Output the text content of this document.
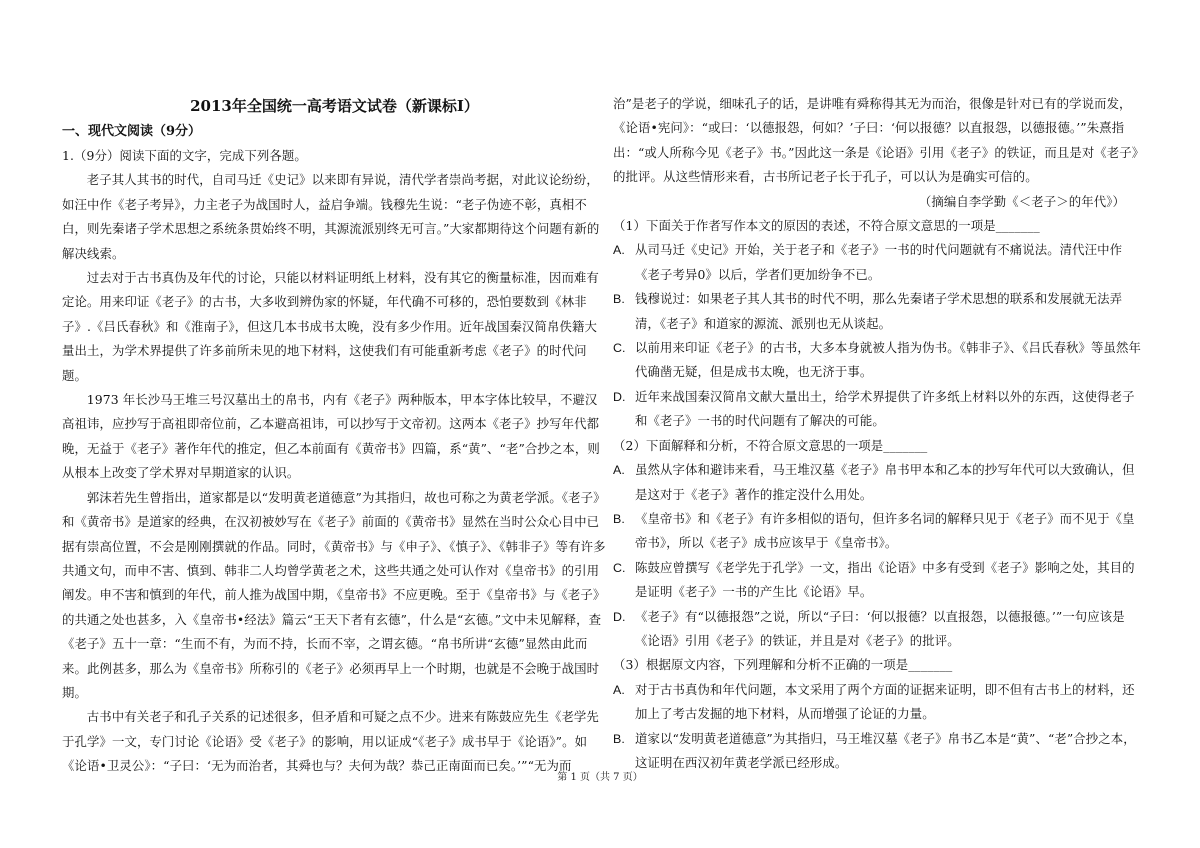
2013年全国统一高考语文试卷（新课标Ⅰ）
一、现代文阅读（9分）

1.（9分）阅读下面的文字，完成下列各题。

老子其人其书的时代，自司马迁《史记》以来即有异说，清代学者崇尚考据，对此议论纷纷，如汪中作《老子考异》，力主老子为战国时人，益启争端。钱穆先生说：“老子伪迹不彰，真相不白，则先秦诸子学术思想之系统条贯始终不明，其源流派别终无可言。”大家都期待这个问题有新的解决线索。

过去对于古书真伪及年代的讨论，只能以材料证明纸上材料，没有其它的衡量标准，因而难有定论。用来印证《老子》的古书，大多收到辨伪家的怀疑，年代确不可移的，恐怕要数到《林非子》.《吕氏春秋》和《淮南子》，但这几本书成书太晚，没有多少作用。近年战国秦汉简帛佚籍大量出土，为学术界提供了许多前所未见的地下材料，这使我们有可能重新考虑《老子》的时代问题。

1973 年长沙马王堆三号汉墓出土的帛书，内有《老子》两种版本，甲本字体比较早，不避汉高祖讳，应抄写于高祖即帝位前，乙本避高祖讳，可以抄写于文帝初。这两本《老子》抄写年代都晚，无益于《老子》著作年代的推定，但乙本前面有《黄帝书》四篇，系“黄”、“老”合抄之本，则从根本上改变了学术界对早期道家的认识。

郭沫若先生曾指出，道家都是以“发明黄老道德意”为其指归，故也可称之为黄老学派。《老子》和《黄帝书》是道家的经典，在汉初被妙写在《老子》前面的《黄帝书》显然在当时公众心目中已据有崇高位置，不会是刚刚撰就的作品。同时，《黄帝书》与《申子》、《慎子》、《韩非子》等有许多共通文句，而申不害、慎到、韩非二人均曾学黄老之术，这些共通之处可认作对《皇帝书》的引用阐发。申不害和慎到的年代，前人推为战国中期，《皇帝书》不应更晚。至于《皇帝书》与《老子》的共通之处也甚多，入《皇帝书•经法》篇云“王天下者有玄德”，什么是“玄德。”文中未见解释，查《老子》五十一章：“生而不有，为而不持，长而不宰，之谓玄德。“帛书所讲“玄德”显然由此而来。此例甚多，那么为《皇帝书》所称引的《老子》必须再早上一个时期，也就是不会晚于战国时期。

古书中有关老子和孔子关系的记述很多，但矛盾和可疑之点不少。进来有陈鼓应先生《老学先于孔学》一文，专门讨论《论语》受《老子》的影响，用以证成“《老子》成书早于《论语》”。如《论语•卫灵公》：“子曰：‘无为而治者，其舜也与？夫何为哉？恭己正南面而已矣。’”“无为而

治”是老子的学说，细味孔子的话，是讲唯有舜称得其无为而治，很像是针对已有的学说而发，《论语•宪问》：“或曰：‘以德报怨，何如？’子曰：‘何以报德？以直报怨，以德报德。’”朱熹指出：“或人所称今见《老子》书。”因此这一条是《论语》引用《老子》的铁证，而且是对《老子》的批评。从这些情形来看，古书所记老子长于孔子，可以认为是确实可信的。

（摘编自李学勤《＜老子＞的年代》）

（1）下面关于作者写作本文的原因的表述，不符合原文意思的一项是_______

A. 从司马迁《史记》开始，关于老子和《老子》一书的时代问题就有不痛说法。清代汪中作《老子考异0》以后，学者们更加纷争不已。

B. 钱穆说过：如果老子其人其书的时代不明，那么先秦诸子学术思想的联系和发展就无法弄清，《老子》和道家的源流、派别也无从谈起。

C. 以前用来印证《老子》的古书，大多本身就被人指为伪书。《韩非子》、《吕氏春秋》等虽然年代确凿无疑，但是成书太晚，也无济于事。

D. 近年来战国秦汉简帛文献大量出土，给学术界提供了许多纸上材料以外的东西，这使得老子和《老子》一书的时代问题有了解决的可能。

（2）下面解释和分析，不符合原文意思的一项是_______

A. 虽然从字体和避讳来看，马王堆汉墓《老子》帛书甲本和乙本的抄写年代可以大致确认，但是这对于《老子》著作的推定没什么用处。

B. 《皇帝书》和《老子》有许多相似的语句，但许多名词的解释只见于《老子》而不见于《皇帝书》，所以《老子》成书应该早于《皇帝书》。

C. 陈鼓应曾撰写《老学先于孔学》一文，指出《论语》中多有受到《老子》影响之处，其目的是证明《老子》一书的产生比《论语》早。

D. 《老子》有“以德报怨”之说，所以“子曰：‘何以报德？以直报怨，以德报德。’”一句应该是《论语》引用《老子》的铁证，并且是对《老子》的批评。

（3）根据原文内容，下列理解和分析不正确的一项是_______

A. 对于古书真伪和年代问题，本文采用了两个方面的证据来证明，即不但有古书上的材料，还加上了考古发掘的地下材料，从而增强了论证的力量。

B. 道家以“发明黄老道德意”为其指归，马王堆汉墓《老子》帛书乙本是“黄”、“老”合抄之本，这证明在西汉初年黄老学派已经形成。

第 1 页（共 7 页）
